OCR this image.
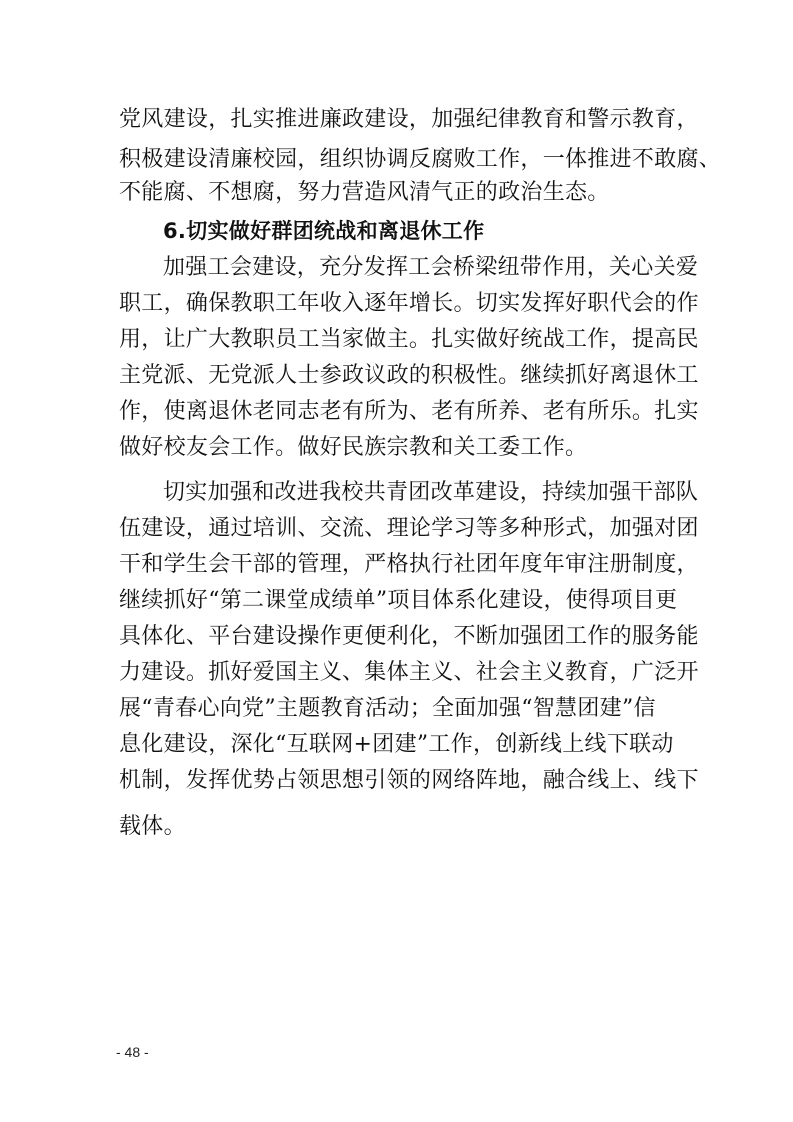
党风建设，扎实推进廉政建设，加强纪律教育和警示教育，
积极建设清廉校园，组织协调反腐败工作，一体推进不敢腐、
不能腐、不想腐，努力营造风清气正的政治生态。
6.切实做好群团统战和离退休工作
加强工会建设，充分发挥工会桥梁纽带作用，关心关爱
职工，确保教职工年收入逐年增长。切实发挥好职代会的作
用，让广大教职员工当家做主。扎实做好统战工作，提高民
主党派、无党派人士参政议政的积极性。继续抓好离退休工
作，使离退休老同志老有所为、老有所养、老有所乐。扎实
做好校友会工作。做好民族宗教和关工委工作。
切实加强和改进我校共青团改革建设，持续加强干部队
伍建设，通过培训、交流、理论学习等多种形式，加强对团
干和学生会干部的管理，严格执行社团年度年审注册制度，
继续抓好“第二课堂成绩单”项目体系化建设，使得项目更
具体化、平台建设操作更便利化，不断加强团工作的服务能
力建设。抓好爱国主义、集体主义、社会主义教育，广泛开
展“青春心向党”主题教育活动；全面加强“智慧团建”信
息化建设，深化“互联网+团建”工作，创新线上线下联动
机制，发挥优势占领思想引领的网络阵地，融合线上、线下
载体。
- 48 -
